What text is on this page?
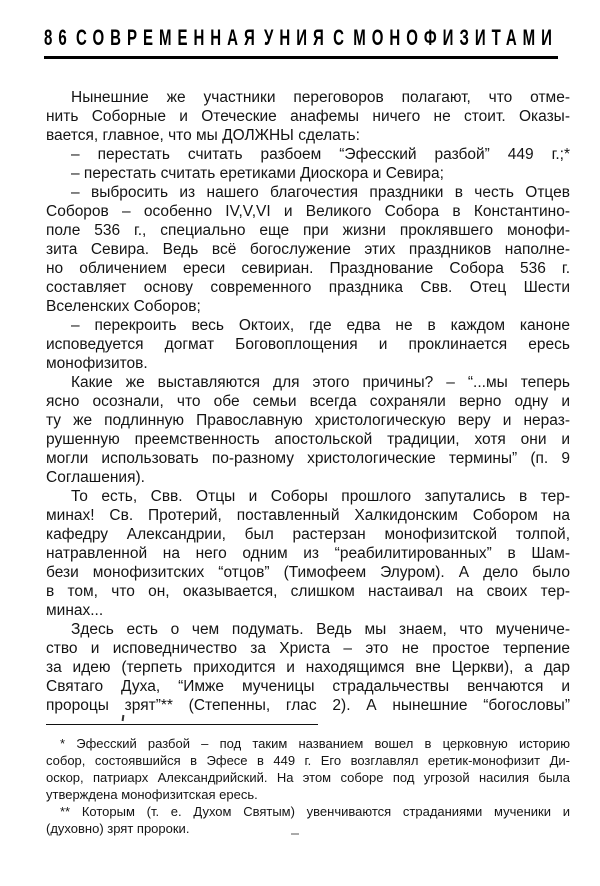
86 СОВРЕМЕННАЯ УНИЯ С МОНОФИЗИТАМИ
Нынешние же участники переговоров полагают, что отме-
нить Соборные и Отеческие анафемы ничего не стоит. Оказы-
вается, главное, что мы ДОЛЖНЫ сделать:
– перестать считать разбоем “Эфесский разбой” 449 г.;*
– перестать считать еретиками Диоскора и Севира;
– выбросить из нашего благочестия праздники в честь Отцев
Соборов – особенно IV,V,VI и Великого Собора в Константино-
поле 536 г., специально еще при жизни проклявшего монофи-
зита Севира. Ведь всё богослужение этих праздников наполне-
но обличением ереси севириан. Празднование Собора 536 г.
составляет основу современного праздника Свв. Отец Шести
Вселенских Соборов;
– перекроить весь Октоих, где едва не в каждом каноне
исповедуется догмат Боговоплощения и проклинается ересь
монофизитов.
Какие же выставляются для этого причины? – “...мы теперь
ясно осознали, что обе семьи всегда сохраняли верно одну и
ту же подлинную Православную христологическую веру и нераз-
рушенную преемственность апостольской традиции, хотя они и
могли использовать по-разному христологические термины” (п. 9
Соглашения).
То есть, Свв. Отцы и Соборы прошлого запутались в тер-
минах! Св. Протерий, поставленный Халкидонским Собором на
кафедру Александрии, был растерзан монофизитской толпой,
натравленной на него одним из “реабилитированных” в Шам-
бези монофизитских “отцов” (Тимофеем Элуром). А дело было
в том, что он, оказывается, слишком настаивал на своих тер-
минах...
Здесь есть о чем подумать. Ведь мы знаем, что мучениче-
ство и исповедничество за Христа – это не простое терпение
за идею (терпеть приходится и находящимся вне Церкви), а дар
Святаго Духа, “Имже мученицы страдальчествы венчаются и
пророцы зрят”** (Степенны, глас 2). А нынешние “богословы”
* Эфесский разбой – под таким названием вошел в церковную историю
собор, состоявшийся в Эфесе в 449 г. Его возглавлял еретик-монофизит Ди-
оскор, патриарх Александрийский. На этом соборе под угрозой насилия была
утверждена монофизитская ересь.
** Которым (т. е. Духом Святым) увенчиваются страданиями мученики и
(духовно) зрят пророки.
